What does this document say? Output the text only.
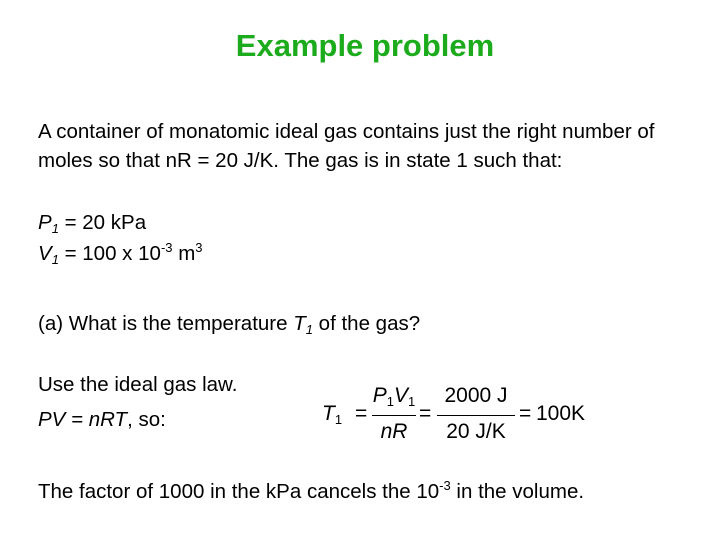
Example problem
A container of monatomic ideal gas contains just the right number of moles so that nR = 20 J/K. The gas is in state 1 such that:
$P_1 = 20$ kPa
$V_1 = 100$ x $10^{-3}$ $m^3$
(a) What is the temperature $T_1$ of the gas?
Use the ideal gas law.
PV = nRT, so:	$T_1$ =
$P_1V_1$
nR
=
2000 J
20 J/K
= 100K
The factor of 1000 in the kPa cancels the $10^{-3}$ in the volume.
